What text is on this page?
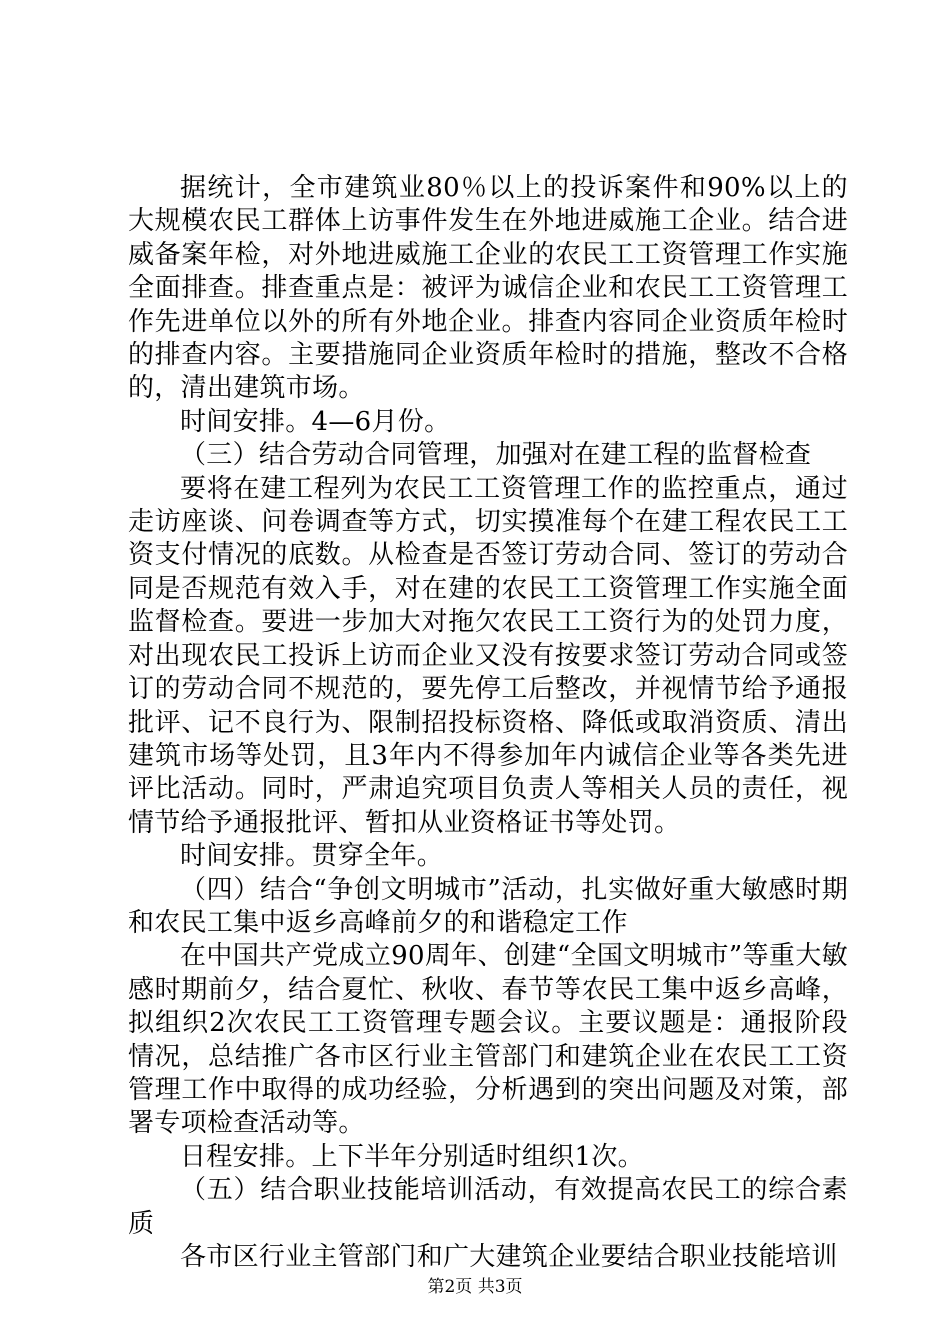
据统计，全市建筑业80％以上的投诉案件和90%以上的大规模农民工群体上访事件发生在外地进威施工企业。结合进威备案年检，对外地进威施工企业的农民工工资管理工作实施全面排查。排查重点是：被评为诚信企业和农民工工资管理工作先进单位以外的所有外地企业。排查内容同企业资质年检时的排查内容。主要措施同企业资质年检时的措施，整改不合格的，清出建筑市场。

时间安排。4—6月份。

（三）结合劳动合同管理，加强对在建工程的监督检查

要将在建工程列为农民工工资管理工作的监控重点，通过走访座谈、问卷调查等方式，切实摸准每个在建工程农民工工资支付情况的底数。从检查是否签订劳动合同、签订的劳动合同是否规范有效入手，对在建的农民工工资管理工作实施全面监督检查。要进一步加大对拖欠农民工工资行为的处罚力度，对出现农民工投诉上访而企业又没有按要求签订劳动合同或签订的劳动合同不规范的，要先停工后整改，并视情节给予通报批评、记不良行为、限制招投标资格、降低或取消资质、清出建筑市场等处罚，且3年内不得参加年内诚信企业等各类先进评比活动。同时，严肃追究项目负责人等相关人员的责任，视情节给予通报批评、暂扣从业资格证书等处罚。

时间安排。贯穿全年。

（四）结合“争创文明城市”活动，扎实做好重大敏感时期和农民工集中返乡高峰前夕的和谐稳定工作

在中国共产党成立90周年、创建“全国文明城市”等重大敏感时期前夕，结合夏忙、秋收、春节等农民工集中返乡高峰，拟组织2次农民工工资管理专题会议。主要议题是：通报阶段情况，总结推广各市区行业主管部门和建筑企业在农民工工资管理工作中取得的成功经验，分析遇到的突出问题及对策，部署专项检查活动等。

日程安排。上下半年分别适时组织1次。

（五）结合职业技能培训活动，有效提高农民工的综合素质

各市区行业主管部门和广大建筑企业要结合职业技能培训

第2页 共3页
